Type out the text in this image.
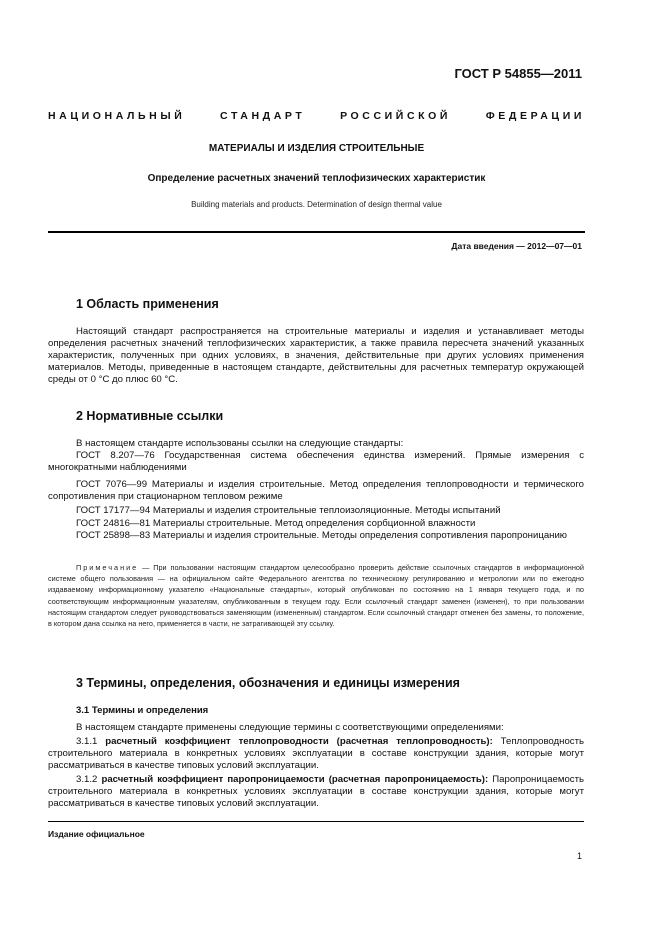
ГОСТ Р 54855—2011
НАЦИОНАЛЬНЫЙ СТАНДАРТ РОССИЙСКОЙ ФЕДЕРАЦИИ
МАТЕРИАЛЫ И ИЗДЕЛИЯ СТРОИТЕЛЬНЫЕ
Определение расчетных значений теплофизических характеристик
Building materials and products. Determination of design thermal value
Дата введения — 2012—07—01
1 Область применения

Настоящий стандарт распространяется на строительные материалы и изделия и устанавливает методы определения расчетных значений теплофизических характеристик, а также правила пересчета значений указанных характеристик, полученных при одних условиях, в значения, действительные при других условиях применения материалов. Методы, приведенные в настоящем стандарте, действительны для расчетных температур окружающей среды от 0 °С до плюс 60 °С.

2 Нормативные ссылки

В настоящем стандарте использованы ссылки на следующие стандарты:

ГОСТ 8.207—76 Государственная система обеспечения единства измерений. Прямые измерения с многократными наблюдениями

ГОСТ 7076—99 Материалы и изделия строительные. Метод определения теплопроводности и термического сопротивления при стационарном тепловом режиме

ГОСТ 17177—94 Материалы и изделия строительные теплоизоляционные. Методы испытаний

ГОСТ 24816—81 Материалы строительные. Метод определения сорбционной влажности

ГОСТ 25898—83 Материалы и изделия строительные. Методы определения сопротивления паропроницанию

Примечание — При пользовании настоящим стандартом целесообразно проверить действие ссылочных стандартов в информационной системе общего пользования — на официальном сайте Федерального агентства по техническому регулированию и метрологии или по ежегодно издаваемому информационному указателю «Национальные стандарты», который опубликован по состоянию на 1 января текущего года, и по соответствующим информационным указателям, опубликованным в текущем году. Если ссылочный стандарт заменен (изменен), то при пользовании настоящим стандартом следует руководствоваться заменяющим (измененным) стандартом. Если ссылочный стандарт отменен без замены, то положение, в котором дана ссылка на него, применяется в части, не затрагивающей эту ссылку.

3 Термины, определения, обозначения и единицы измерения
3.1 Термины и определения

В настоящем стандарте применены следующие термины с соответствующими определениями:

3.1.1 расчетный коэффициент теплопроводности (расчетная теплопроводность): Теплопроводность строительного материала в конкретных условиях эксплуатации в составе конструкции здания, которые могут рассматриваться в качестве типовых условий эксплуатации.

3.1.2 расчетный коэффициент паропроницаемости (расчетная паропроницаемость): Паропроницаемость строительного материала в конкретных условиях эксплуатации в составе конструкции здания, которые могут рассматриваться в качестве типовых условий эксплуатации.

Издание официальное
1
